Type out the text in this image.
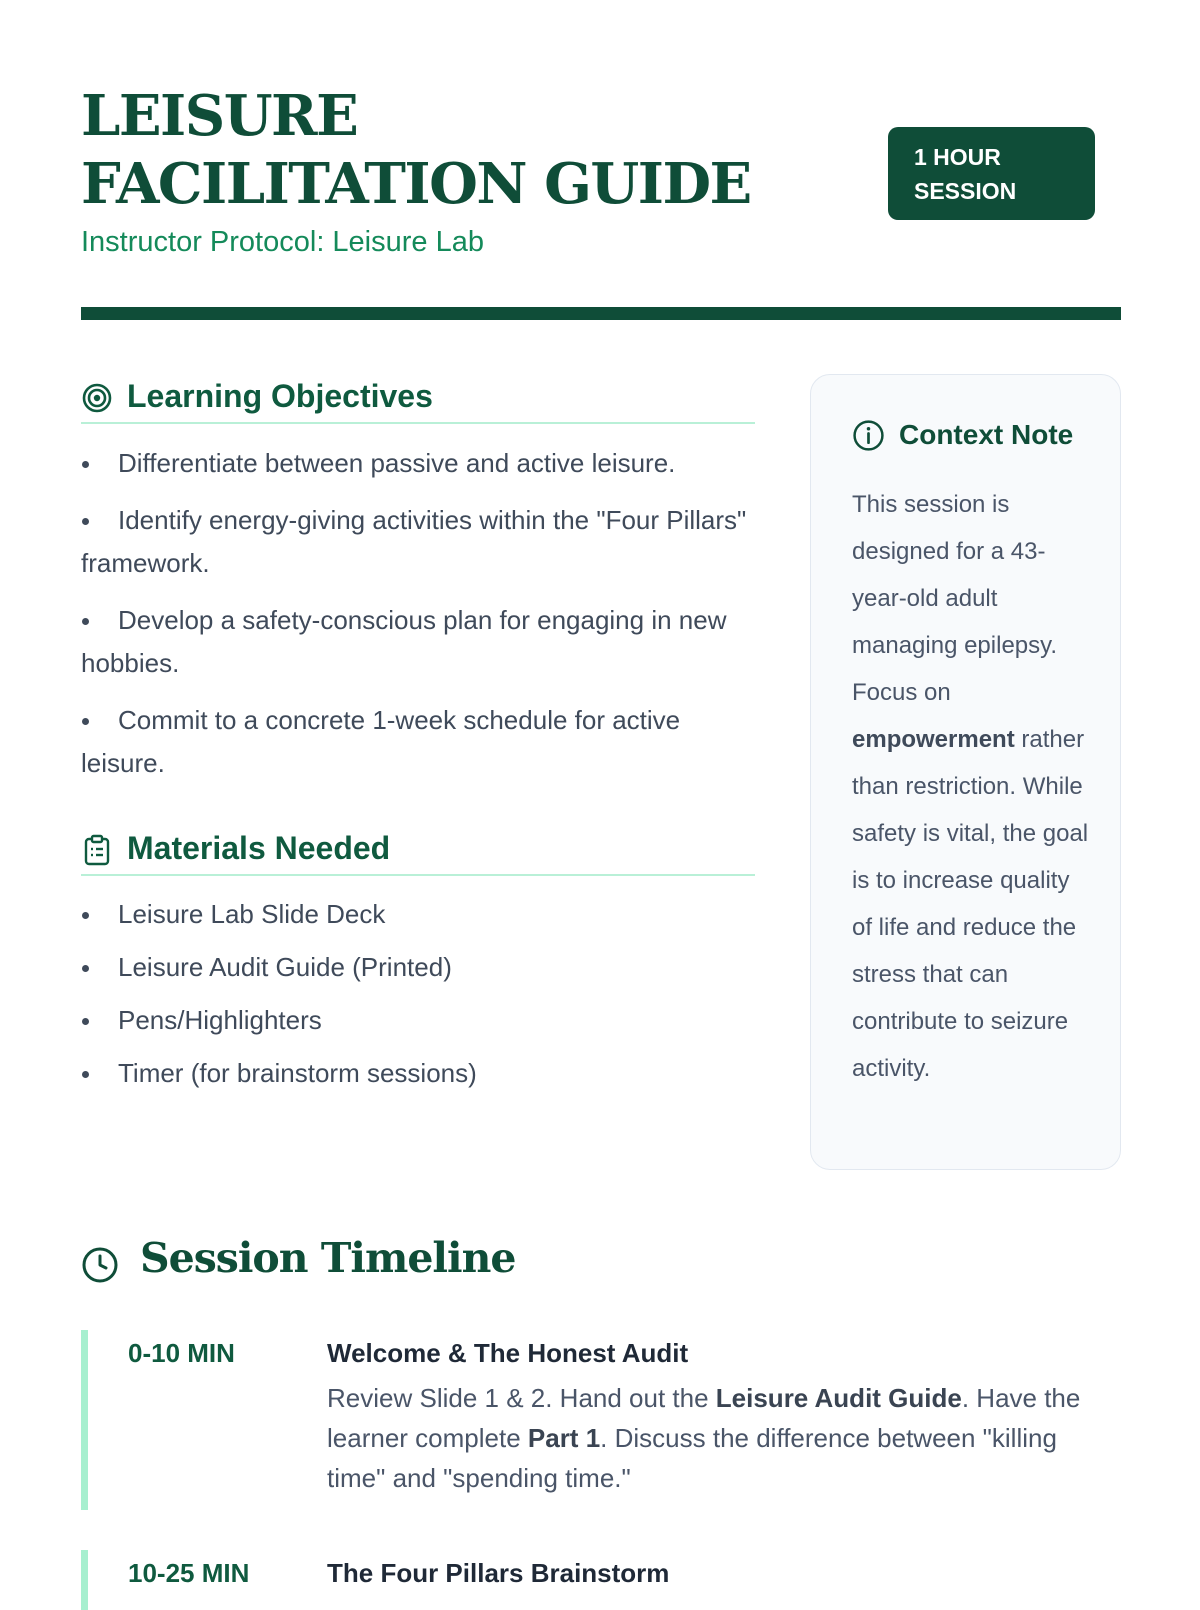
LEISURE FACILITATION GUIDE
Instructor Protocol: Leisure Lab
1 HOUR SESSION
Learning Objectives
Differentiate between passive and active leisure.
Identify energy-giving activities within the "Four Pillars" framework.
Develop a safety-conscious plan for engaging in new hobbies.
Commit to a concrete 1-week schedule for active leisure.
Materials Needed
Leisure Lab Slide Deck
Leisure Audit Guide (Printed)
Pens/Highlighters
Timer (for brainstorm sessions)
Context Note

This session is designed for a 43-year-old adult managing epilepsy. Focus on empowerment rather than restriction. While safety is vital, the goal is to increase quality of life and reduce the stress that can contribute to seizure activity.

Session Timeline
0-10 MIN	Welcome & The Honest Audit

Review Slide 1 & 2. Hand out the Leisure Audit Guide. Have the learner complete Part 1. Discuss the difference between "killing time" and "spending time."

10-25 MIN	The Four Pillars Brainstorm
